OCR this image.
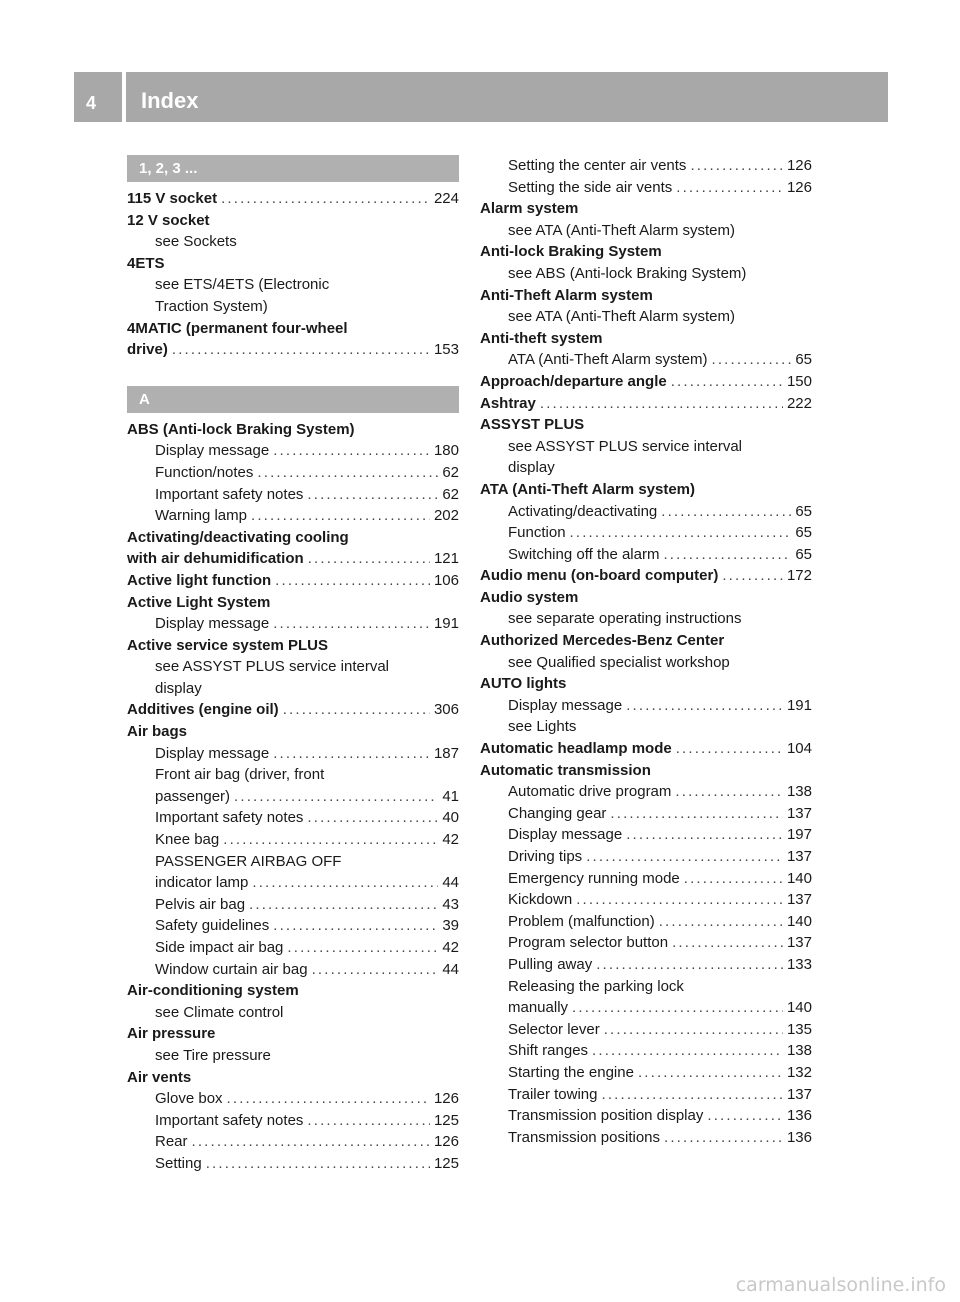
4 Index
1, 2, 3 ...
115 V socket . . .	224
12 V socket
see Sockets
4ETS
see ETS/4ETS (Electronic
Traction System)
4MATIC (permanent four-wheel
drive) . . .	153
A
ABS (Anti-lock Braking System)
Display message . . .	180
Function/notes . . .	62
Important safety notes . . .	62
Warning lamp . . .	202
Activating/deactivating cooling
with air dehumidification . . .	121
Active light function . . .	106
Active Light System
Display message . . .	191
Active service system PLUS
see ASSYST PLUS service interval
display
Additives (engine oil) . . .	306
Air bags
Display message . . .	187
Front air bag (driver, front
passenger) . . .	41
Important safety notes . . .	40
Knee bag . . .	42
PASSENGER AIRBAG OFF
indicator lamp . . .	44
Pelvis air bag . . .	43
Safety guidelines . . .	39
Side impact air bag . . .	42
Window curtain air bag . . .	44
Air-conditioning system
see Climate control
Air pressure
see Tire pressure
Air vents
Glove box . . .	126
Important safety notes . . .	125
Rear . . .	126
Setting . . .	125
Setting the center air vents . . .	126
Setting the side air vents . . .	126
Alarm system
see ATA (Anti-Theft Alarm system)
Anti-lock Braking System
see ABS (Anti-lock Braking System)
Anti-Theft Alarm system
see ATA (Anti-Theft Alarm system)
Anti-theft system
ATA (Anti-Theft Alarm system) . . .	65
Approach/departure angle . . .	150
Ashtray . . .	222
ASSYST PLUS
see ASSYST PLUS service interval
display
ATA (Anti-Theft Alarm system)
Activating/deactivating . . .	65
Function . . .	65
Switching off the alarm . . .	65
Audio menu (on-board computer) . . .	172
Audio system
see separate operating instructions
Authorized Mercedes-Benz Center
see Qualified specialist workshop
AUTO lights
Display message . . .	191
see Lights
Automatic headlamp mode . . .	104
Automatic transmission
Automatic drive program . . .	138
Changing gear . . .	137
Display message . . .	197
Driving tips . . .	137
Emergency running mode . . .	140
Kickdown . . .	137
Problem (malfunction) . . .	140
Program selector button . . .	137
Pulling away . . .	133
Releasing the parking lock
manually . . .	140
Selector lever . . .	135
Shift ranges . . .	138
Starting the engine . . .	132
Trailer towing . . .	137
Transmission position display . . .	136
Transmission positions . . .	136
carmanualsonline.info
